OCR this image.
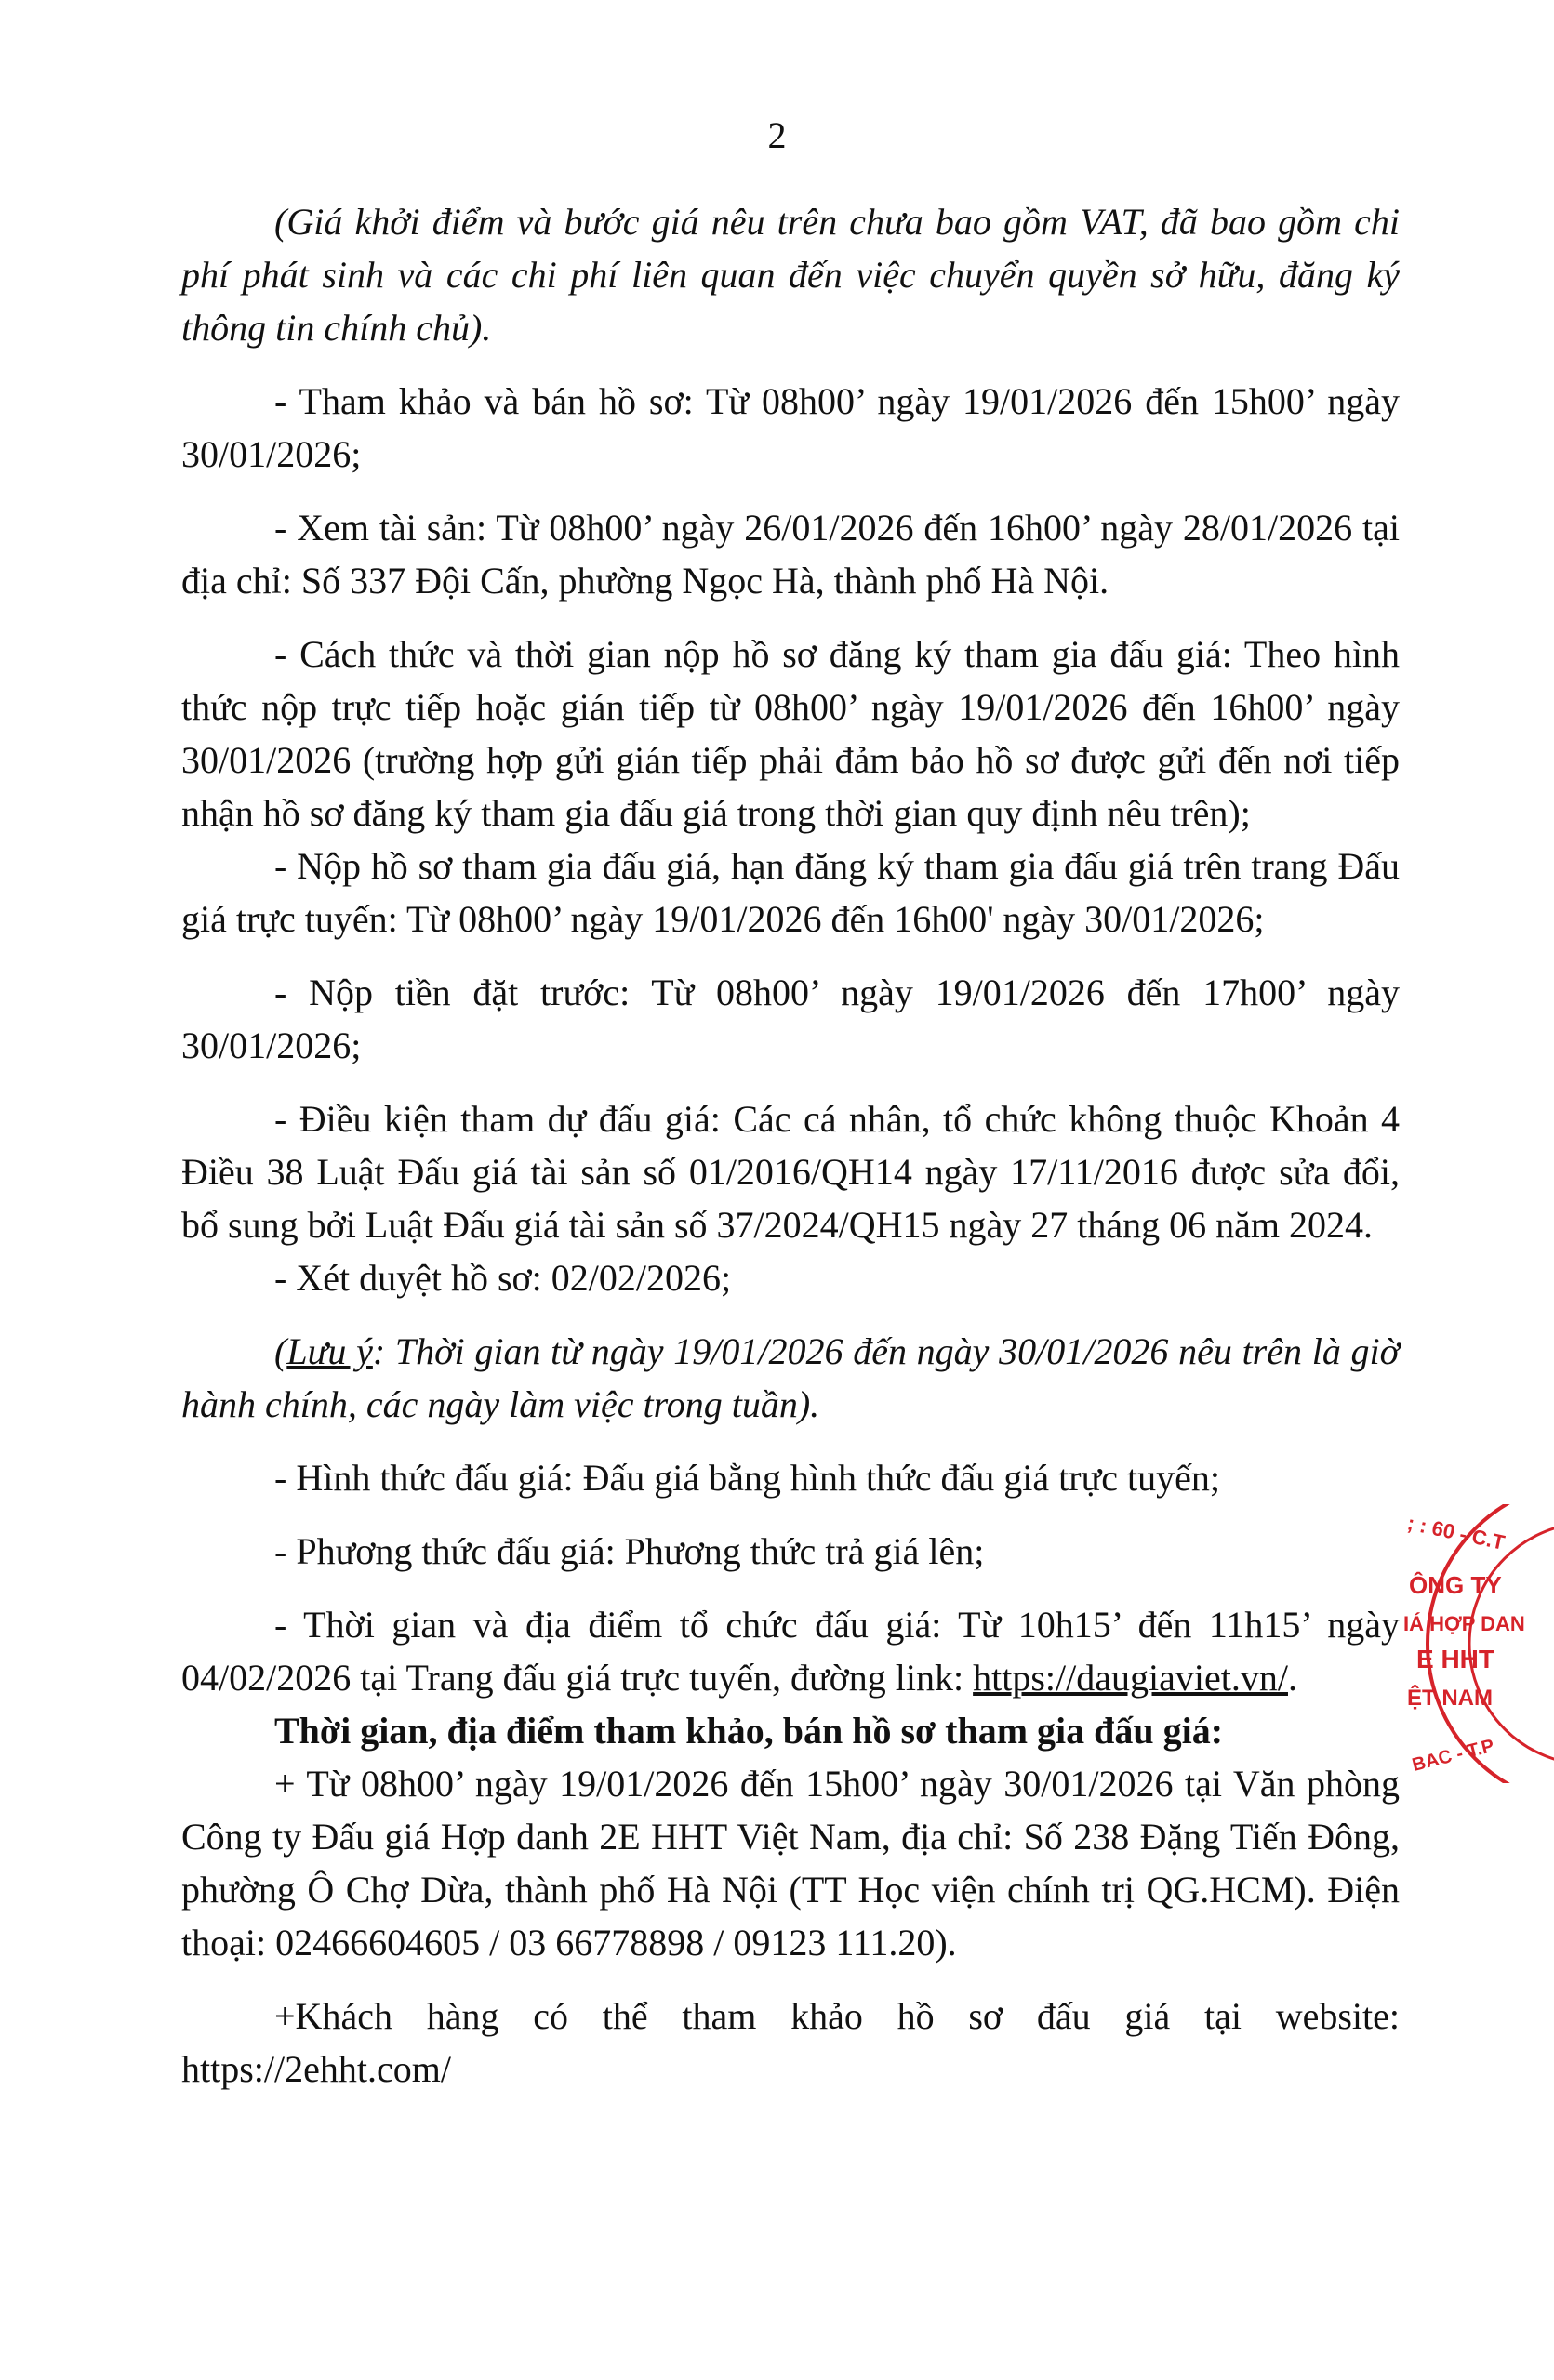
2

(Giá khởi điểm và bước giá nêu trên chưa bao gồm VAT, đã bao gồm chi phí phát sinh và các chi phí liên quan đến việc chuyển quyền sở hữu, đăng ký thông tin chính chủ).

- Tham khảo và bán hồ sơ: Từ 08h00’ ngày 19/01/2026 đến 15h00’ ngày 30/01/2026;

- Xem tài sản: Từ 08h00’ ngày 26/01/2026 đến 16h00’ ngày 28/01/2026 tại địa chỉ: Số 337 Đội Cấn, phường Ngọc Hà, thành phố Hà Nội.

- Cách thức và thời gian nộp hồ sơ đăng ký tham gia đấu giá: Theo hình thức nộp trực tiếp hoặc gián tiếp từ 08h00’ ngày 19/01/2026 đến 16h00’ ngày 30/01/2026 (trường hợp gửi gián tiếp phải đảm bảo hồ sơ được gửi đến nơi tiếp nhận hồ sơ đăng ký tham gia đấu giá trong thời gian quy định nêu trên);

- Nộp hồ sơ tham gia đấu giá, hạn đăng ký tham gia đấu giá trên trang Đấu giá trực tuyến: Từ 08h00’ ngày 19/01/2026 đến 16h00' ngày 30/01/2026;

- Nộp tiền đặt trước: Từ 08h00’ ngày 19/01/2026 đến 17h00’ ngày 30/01/2026;

- Điều kiện tham dự đấu giá: Các cá nhân, tổ chức không thuộc Khoản 4 Điều 38 Luật Đấu giá tài sản số 01/2016/QH14 ngày 17/11/2016 được sửa đổi, bổ sung bởi Luật Đấu giá tài sản số 37/2024/QH15 ngày 27 tháng 06 năm 2024.

- Xét duyệt hồ sơ: 02/02/2026;

(Lưu ý: Thời gian từ ngày 19/01/2026 đến ngày 30/01/2026 nêu trên là giờ hành chính, các ngày làm việc trong tuần).

- Hình thức đấu giá: Đấu giá bằng hình thức đấu giá trực tuyến;

- Phương thức đấu giá: Phương thức trả giá lên;

- Thời gian và địa điểm tổ chức đấu giá: Từ 10h15’ đến 11h15’ ngày 04/02/2026 tại Trang đấu giá trực tuyến, đường link: https://daugiaviet.vn/.

Thời gian, địa điểm tham khảo, bán hồ sơ tham gia đấu giá:

+ Từ 08h00’ ngày 19/01/2026 đến 15h00’ ngày 30/01/2026 tại Văn phòng Công ty Đấu giá Hợp danh 2E HHT Việt Nam, địa chỉ: Số 238 Đặng Tiến Đông, phường Ô Chợ Dừa, thành phố Hà Nội (TT Học viện chính trị QG.HCM). Điện thoại: 02466604605 / 03 66778898 / 09123 111.20).

+Khách hàng có thể tham khảo hồ sơ đấu giá tại website: https://2ehht.com/

; : 60 - C.T
ÔNG TY
IÁ HỢP DAN
E HHT
ỆT NAM
BAC - T.P
